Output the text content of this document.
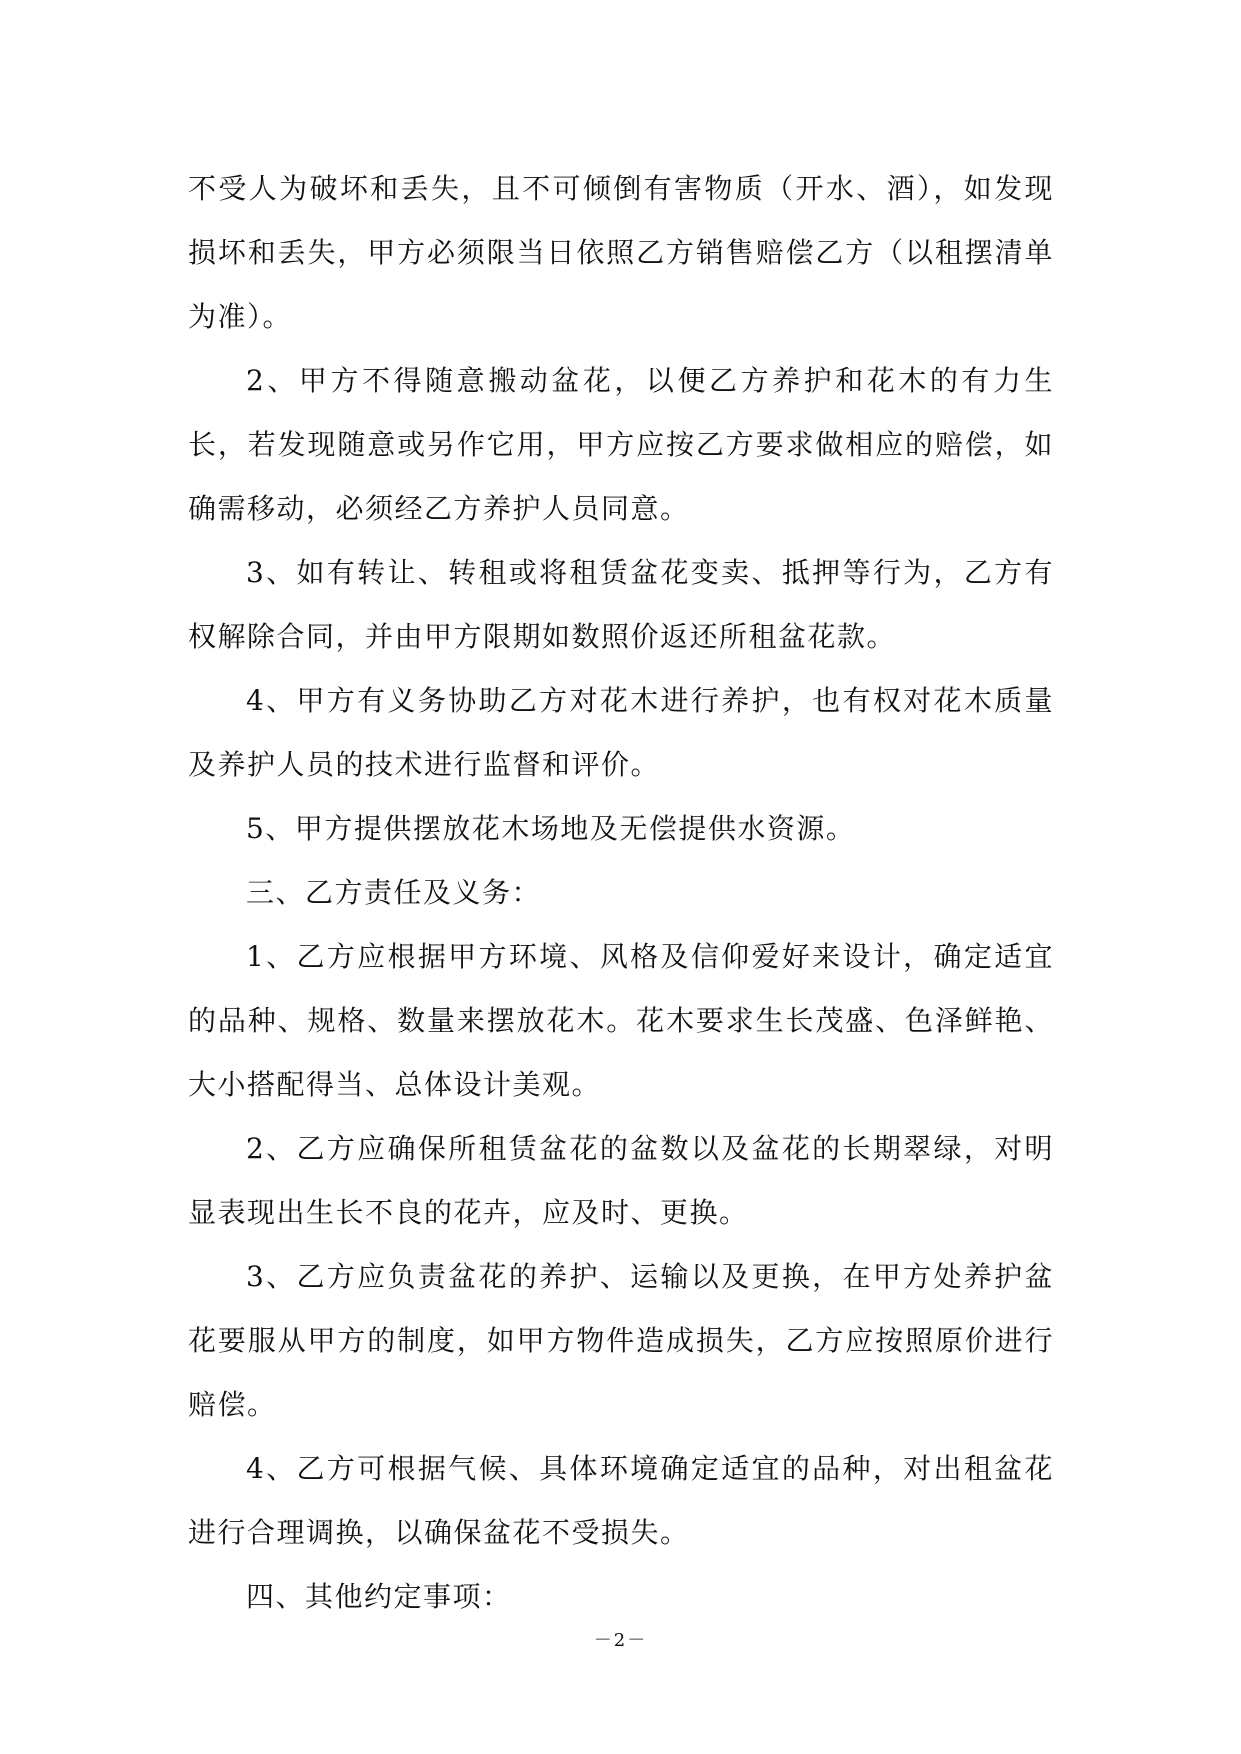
不受人为破坏和丢失，且不可倾倒有害物质（开水、酒），如发现损坏和丢失，甲方必须限当日依照乙方销售赔偿乙方（以租摆清单为准）。

2、甲方不得随意搬动盆花，以便乙方养护和花木的有力生长，若发现随意或另作它用，甲方应按乙方要求做相应的赔偿，如确需移动，必须经乙方养护人员同意。

3、如有转让、转租或将租赁盆花变卖、抵押等行为，乙方有权解除合同，并由甲方限期如数照价返还所租盆花款。

4、甲方有义务协助乙方对花木进行养护，也有权对花木质量及养护人员的技术进行监督和评价。

5、甲方提供摆放花木场地及无偿提供水资源。

三、乙方责任及义务：

1、乙方应根据甲方环境、风格及信仰爱好来设计，确定适宜的品种、规格、数量来摆放花木。花木要求生长茂盛、色泽鲜艳、大小搭配得当、总体设计美观。

2、乙方应确保所租赁盆花的盆数以及盆花的长期翠绿，对明显表现出生长不良的花卉，应及时、更换。

3、乙方应负责盆花的养护、运输以及更换，在甲方处养护盆花要服从甲方的制度，如甲方物件造成损失，乙方应按照原价进行赔偿。

4、乙方可根据气候、具体环境确定适宜的品种，对出租盆花进行合理调换，以确保盆花不受损失。

四、其他约定事项：

－2－
